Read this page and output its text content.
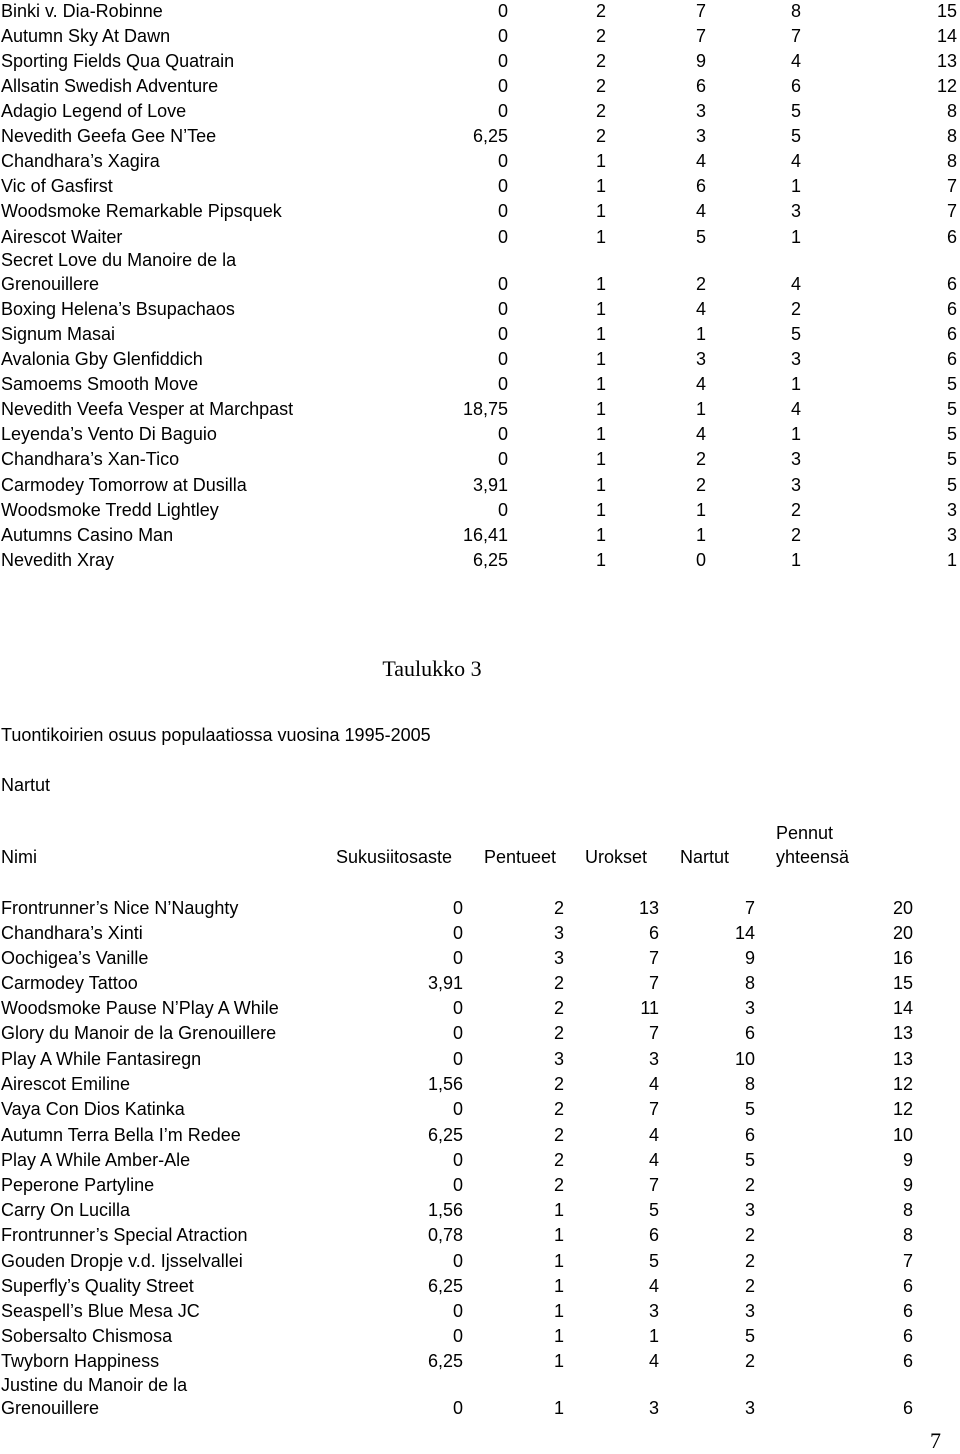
Binki v. Dia-Robinne	0	2	7	8	15
Autumn Sky At Dawn	0	2	7	7	14
Sporting Fields Qua Quatrain	0	2	9	4	13
Allsatin Swedish Adventure	0	2	6	6	12
Adagio Legend of Love	0	2	3	5	8
Nevedith Geefa Gee N’Tee	6,25	2	3	5	8
Chandhara’s Xagira	0	1	4	4	8
Vic of Gasfirst	0	1	6	1	7
Woodsmoke Remarkable Pipsquek	0	1	4	3	7
Airescot Waiter	0	1	5	1	6
Secret Love du Manoire de la
Grenouillere	0	1	2	4	6
Boxing Helena’s Bsupachaos	0	1	4	2	6
Signum Masai	0	1	1	5	6
Avalonia Gby Glenfiddich	0	1	3	3	6
Samoems Smooth Move	0	1	4	1	5
Nevedith Veefa Vesper at Marchpast	18,75	1	1	4	5
Leyenda’s Vento Di Baguio	0	1	4	1	5
Chandhara’s Xan-Tico	0	1	2	3	5
Carmodey Tomorrow at Dusilla	3,91	1	2	3	5
Woodsmoke Tredd Lightley	0	1	1	2	3
Autumns Casino Man	16,41	1	1	2	3
Nevedith Xray	6,25	1	0	1	1
Taulukko 3
Tuontikoirien osuus populaatiossa vuosina 1995-2005
Nartut
Nimi	Sukusiitosaste Pentueet Urokset Nartut
Pennut
yhteensä
Frontrunner’s Nice N’Naughty	0	2	13	7	20
Chandhara’s Xinti	0	3	6	14	20
Oochigea’s Vanille	0	3	7	9	16
Carmodey Tattoo	3,91	2	7	8	15
Woodsmoke Pause N’Play A While	0	2	11	3	14
Glory du Manoir de la Grenouillere	0	2	7	6	13
Play A While Fantasiregn	0	3	3	10	13
Airescot Emiline	1,56	2	4	8	12
Vaya Con Dios Katinka	0	2	7	5	12
Autumn Terra Bella I’m Redee	6,25	2	4	6	10
Play A While Amber-Ale	0	2	4	5	9
Peperone Partyline	0	2	7	2	9
Carry On Lucilla	1,56	1	5	3	8
Frontrunner’s Special Atraction	0,78	1	6	2	8
Gouden Dropje v.d. Ijsselvallei	0	1	5	2	7
Superfly’s Quality Street	6,25	1	4	2	6
Seaspell’s Blue Mesa JC	0	1	3	3	6
Sobersalto Chismosa	0	1	1	5	6
Twyborn Happiness	6,25	1	4	2	6
Justine du Manoir de la
Grenouillere	0	1	3	3	6
7
